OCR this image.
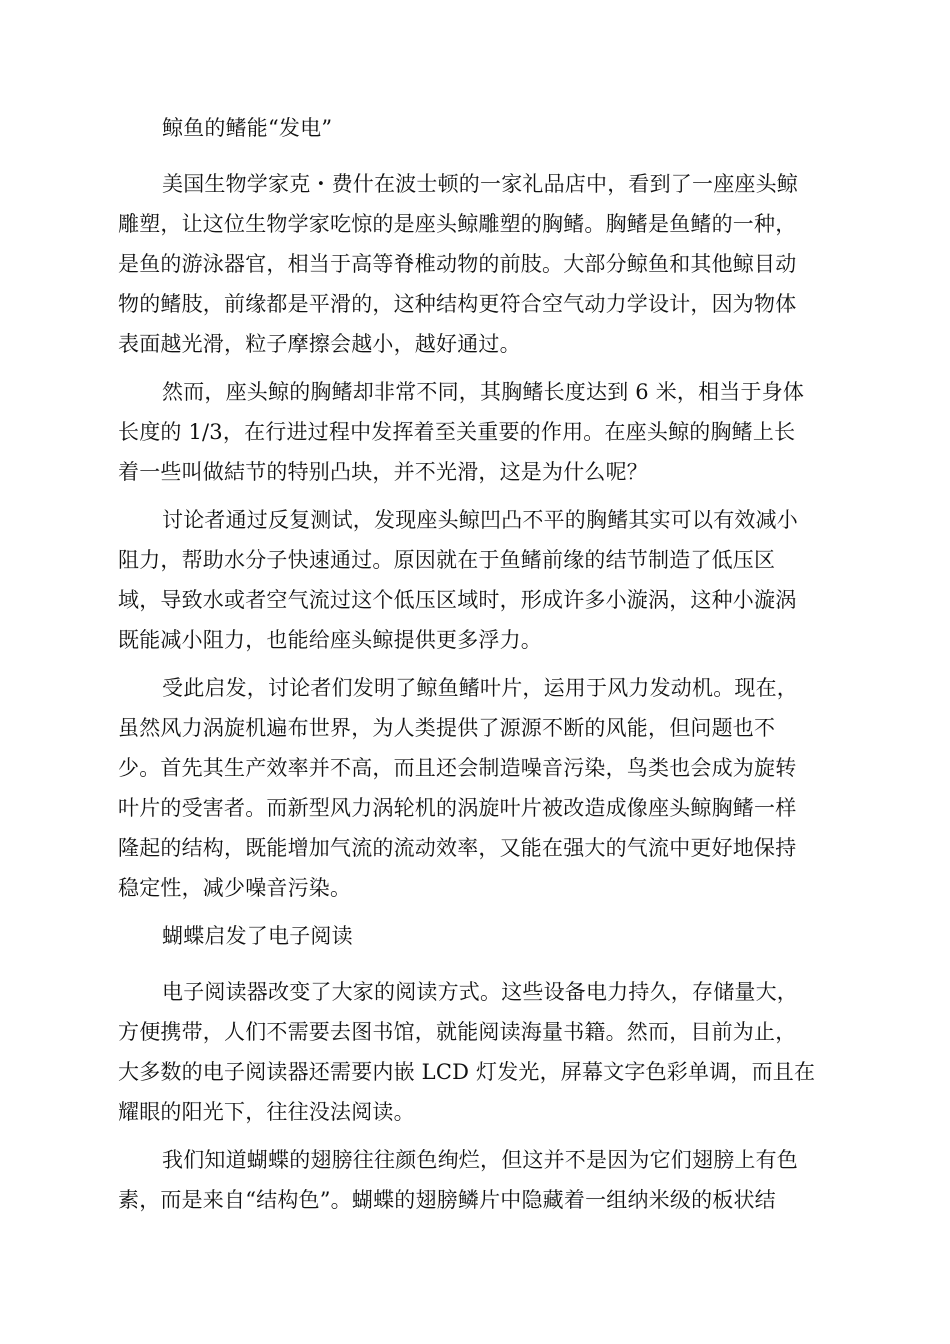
鲸鱼的鳍能“发电”
美国生物学家克・费什在波士顿的一家礼品店中，看到了一座座头鲸
雕塑，让这位生物学家吃惊的是座头鲸雕塑的胸鳍。胸鳍是鱼鳍的一种，
是鱼的游泳器官，相当于高等脊椎动物的前肢。大部分鲸鱼和其他鲸目动
物的鳍肢，前缘都是平滑的，这种结构更符合空气动力学设计，因为物体
表面越光滑，粒子摩擦会越小，越好通过。
然而，座头鲸的胸鳍却非常不同，其胸鳍长度达到 6 米，相当于身体
长度的 1/3，在行进过程中发挥着至关重要的作用。在座头鲸的胸鳍上长
着一些叫做結节的特别凸块，并不光滑，这是为什么呢？
讨论者通过反复测试，发现座头鲸凹凸不平的胸鳍其实可以有效减小
阻力，帮助水分子快速通过。原因就在于鱼鳍前缘的结节制造了低压区
域，导致水或者空气流过这个低压区域时，形成许多小漩涡，这种小漩涡
既能减小阻力，也能给座头鲸提供更多浮力。
受此启发，讨论者们发明了鲸鱼鳍叶片，运用于风力发动机。现在，
虽然风力涡旋机遍布世界，为人类提供了源源不断的风能，但问题也不
少。首先其生产效率并不高，而且还会制造噪音污染，鸟类也会成为旋转
叶片的受害者。而新型风力涡轮机的涡旋叶片被改造成像座头鲸胸鳍一样
隆起的结构，既能增加气流的流动效率，又能在强大的气流中更好地保持
稳定性，减少噪音污染。
蝴蝶启发了电子阅读
电子阅读器改变了大家的阅读方式。这些设备电力持久，存储量大，
方便携带，人们不需要去图书馆，就能阅读海量书籍。然而，目前为止，
大多数的电子阅读器还需要内嵌 LCD 灯发光，屏幕文字色彩单调，而且在
耀眼的阳光下，往往没法阅读。
我们知道蝴蝶的翅膀往往颜色绚烂，但这并不是因为它们翅膀上有色
素，而是来自“结构色”。蝴蝶的翅膀鳞片中隐藏着一组纳米级的板状结
